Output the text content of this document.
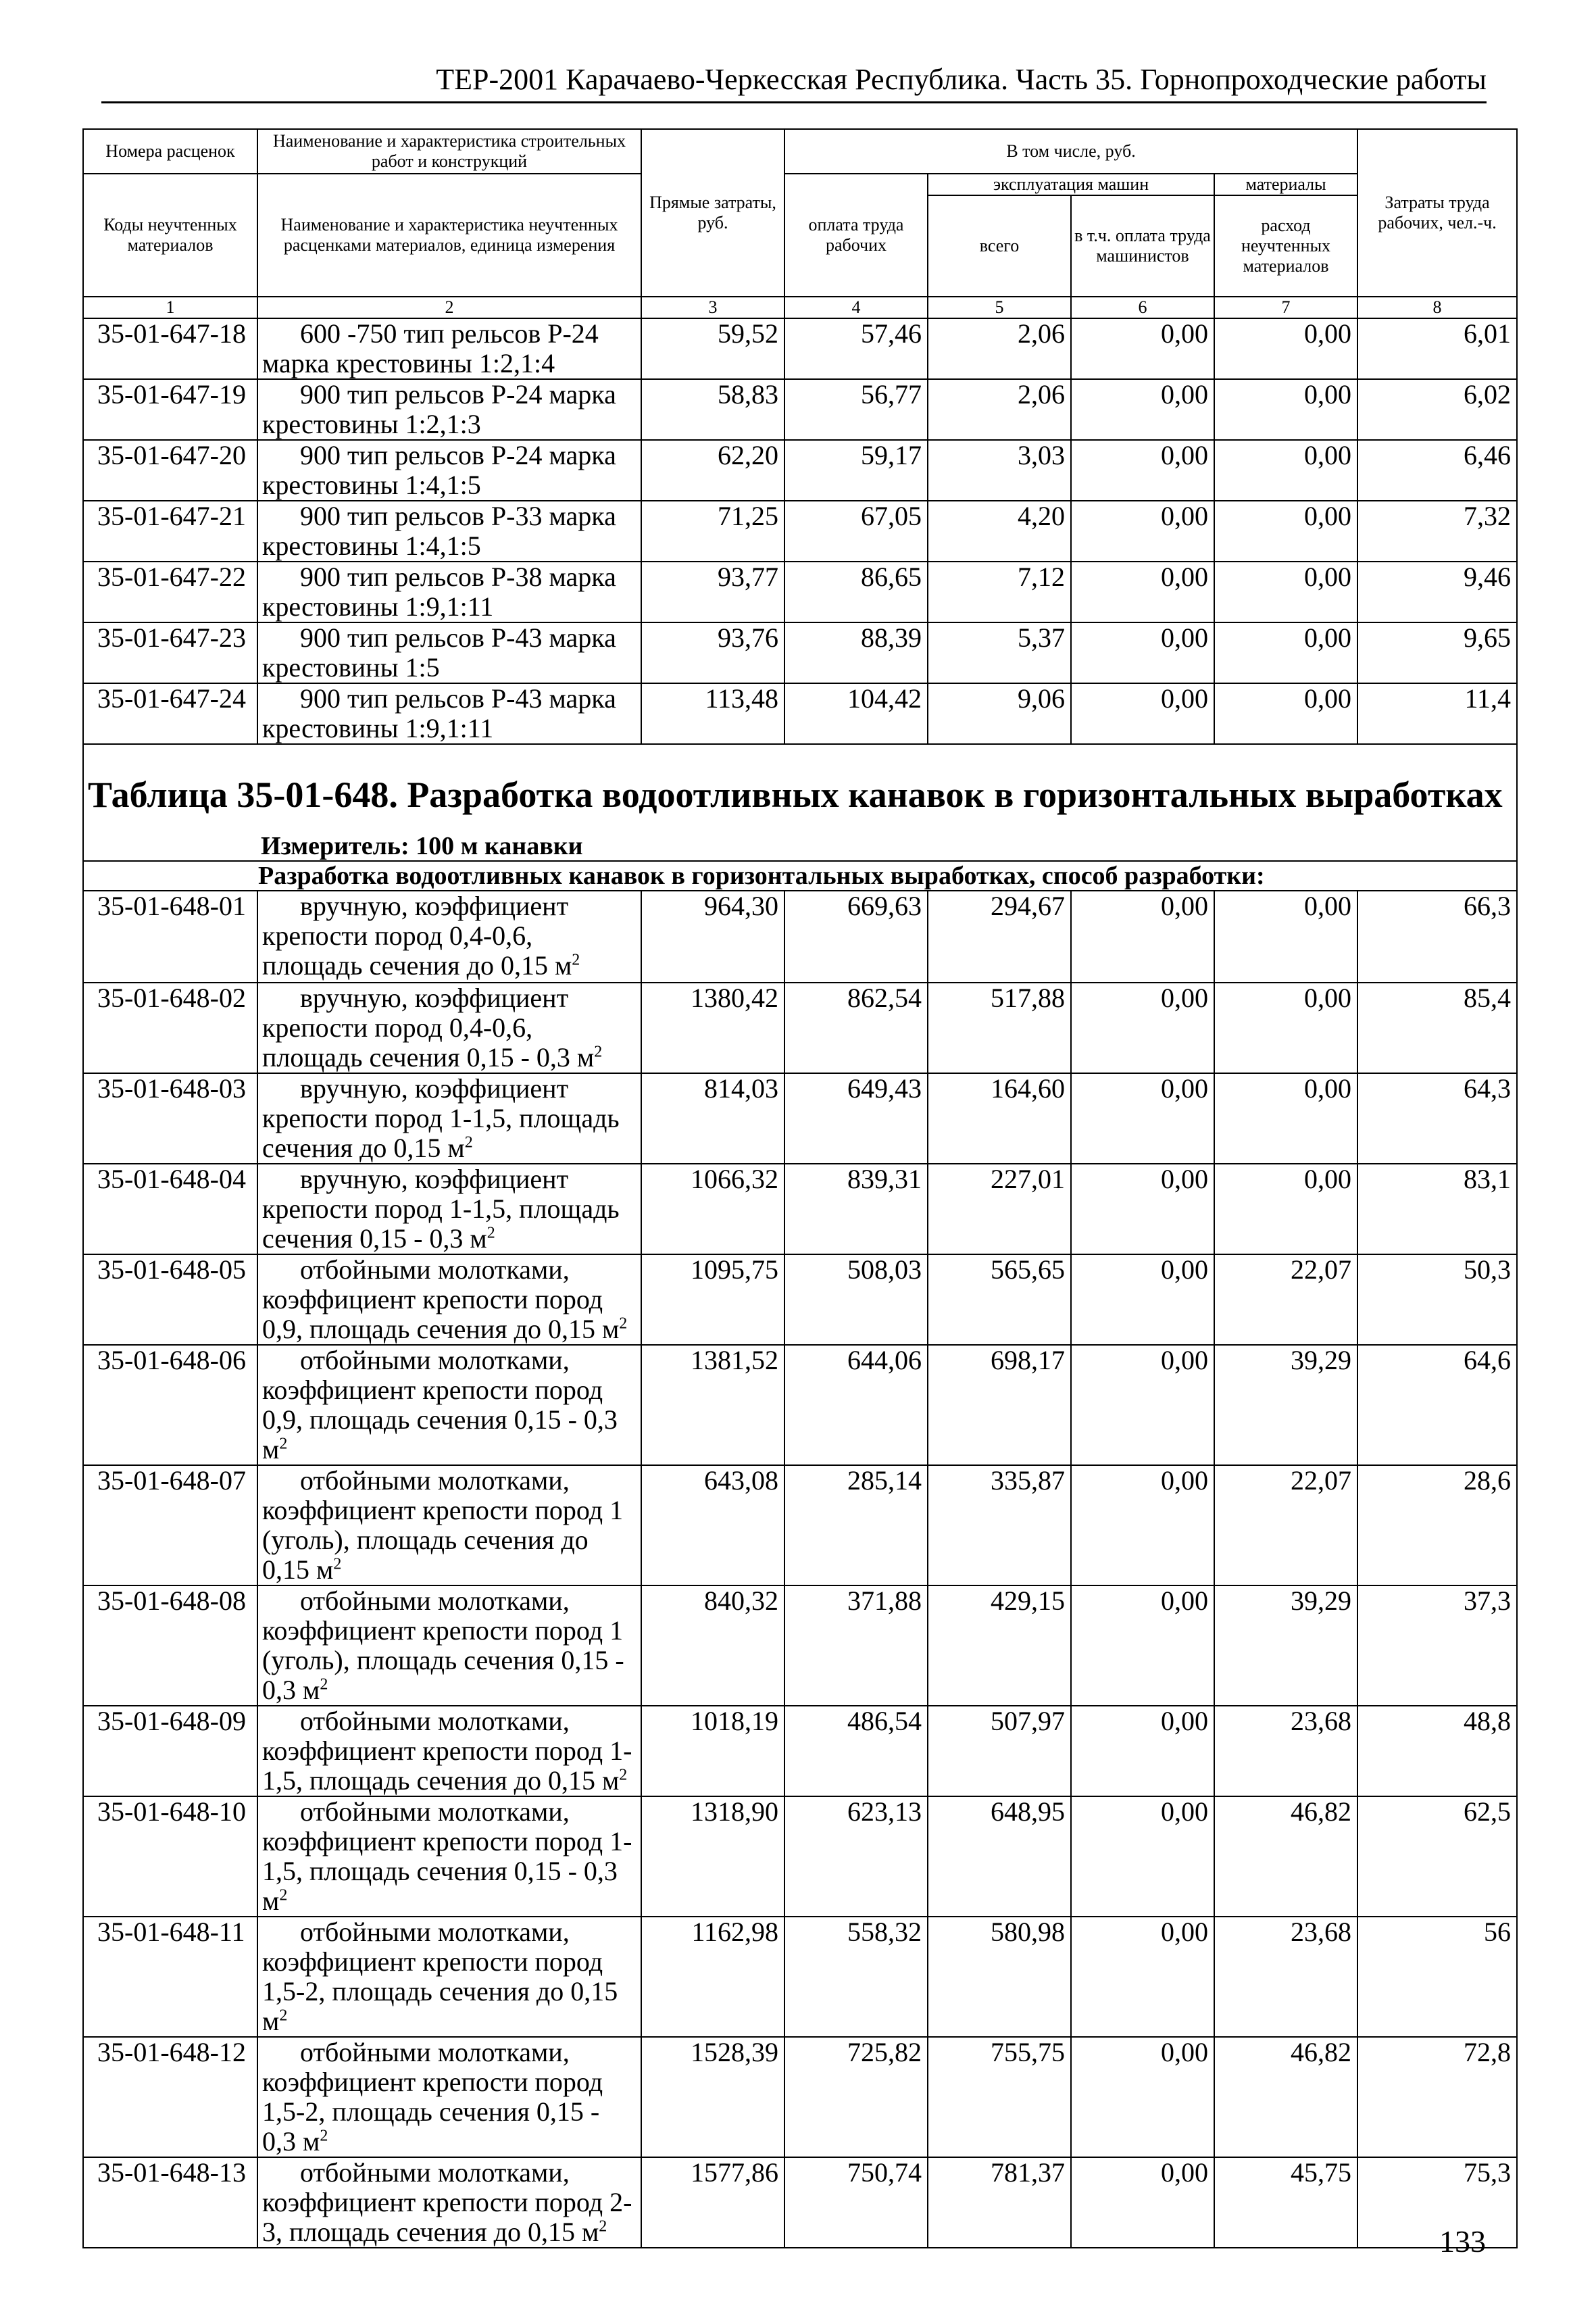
ТЕР-2001 Карачаево-Черкесская Республика. Часть 35. Горнопроходческие работы
Номера расценок	Наименование и характеристика строительных работ и конструкций	Прямые затраты, руб.	В том числе, руб.				Затраты труда рабочих, чел.-ч.
Коды неучтенных материалов	Наименование и характеристика неучтенных расценками материалов, единица измерения		оплата труда рабочих	эксплуатация машин		материалы	
				всего	в т.ч. оплата труда машинистов	расход неучтенных материалов	
1	2	3	4	5	6	7	8
35-01-647-18	600 -750 тип рельсов Р-24 марка крестовины 1:2,1:4	59,52	57,46	2,06	0,00	0,00	6,01
35-01-647-19	900 тип рельсов Р-24 марка крестовины 1:2,1:3	58,83	56,77	2,06	0,00	0,00	6,02
35-01-647-20	900 тип рельсов Р-24 марка крестовины 1:4,1:5	62,20	59,17	3,03	0,00	0,00	6,46
35-01-647-21	900 тип рельсов Р-33 марка крестовины 1:4,1:5	71,25	67,05	4,20	0,00	0,00	7,32
35-01-647-22	900 тип рельсов Р-38 марка крестовины 1:9,1:11	93,77	86,65	7,12	0,00	0,00	9,46
35-01-647-23	900 тип рельсов Р-43 марка крестовины 1:5	93,76	88,39	5,37	0,00	0,00	9,65
35-01-647-24	900 тип рельсов Р-43 марка крестовины 1:9,1:11	113,48	104,42	9,06	0,00	0,00	11,4
Таблица 35-01-648. Разработка водоотливных канавок в горизонтальных выработках							
Измеритель: 100 м канавки							
Разработка водоотливных канавок в горизонтальных выработках, способ разработки:							
35-01-648-01	вручную, коэффициент крепости пород 0,4-0,6, площадь сечения до 0,15 $м^2$	964,30	669,63	294,67	0,00	0,00	66,3
35-01-648-02	вручную, коэффициент крепости пород 0,4-0,6, площадь сечения 0,15 - 0,3 $м^2$	1380,42	862,54	517,88	0,00	0,00	85,4
35-01-648-03	вручную, коэффициент крепости пород 1-1,5, площадь сечения до 0,15 $м^2$	814,03	649,43	164,60	0,00	0,00	64,3
35-01-648-04	вручную, коэффициент крепости пород 1-1,5, площадь сечения 0,15 - 0,3 $м^2$	1066,32	839,31	227,01	0,00	0,00	83,1
35-01-648-05	отбойными молотками, коэффициент крепости пород 0,9, площадь сечения до 0,15 $м^2$	1095,75	508,03	565,65	0,00	22,07	50,3
35-01-648-06	отбойными молотками, коэффициент крепости пород 0,9, площадь сечения 0,15 - 0,3 $м^2$	1381,52	644,06	698,17	0,00	39,29	64,6
35-01-648-07	отбойными молотками, коэффициент крепости пород 1 (уголь), площадь сечения до 0,15 $м^2$	643,08	285,14	335,87	0,00	22,07	28,6
35-01-648-08	отбойными молотками, коэффициент крепости пород 1 (уголь), площадь сечения 0,15 - 0,3 $м^2$	840,32	371,88	429,15	0,00	39,29	37,3
35-01-648-09	отбойными молотками, коэффициент крепости пород 1-1,5, площадь сечения до 0,15 $м^2$	1018,19	486,54	507,97	0,00	23,68	48,8
35-01-648-10	отбойными молотками, коэффициент крепости пород 1-1,5, площадь сечения 0,15 - 0,3 $м^2$	1318,90	623,13	648,95	0,00	46,82	62,5
35-01-648-11	отбойными молотками, коэффициент крепости пород 1,5-2, площадь сечения до 0,15 $м^2$	1162,98	558,32	580,98	0,00	23,68	56
35-01-648-12	отбойными молотками, коэффициент крепости пород 1,5-2, площадь сечения 0,15 - 0,3 $м^2$	1528,39	725,82	755,75	0,00	46,82	72,8
35-01-648-13	отбойными молотками, коэффициент крепости пород 2-3, площадь сечения до 0,15 $м^2$	1577,86	750,74	781,37	0,00	45,75	75,3
133
